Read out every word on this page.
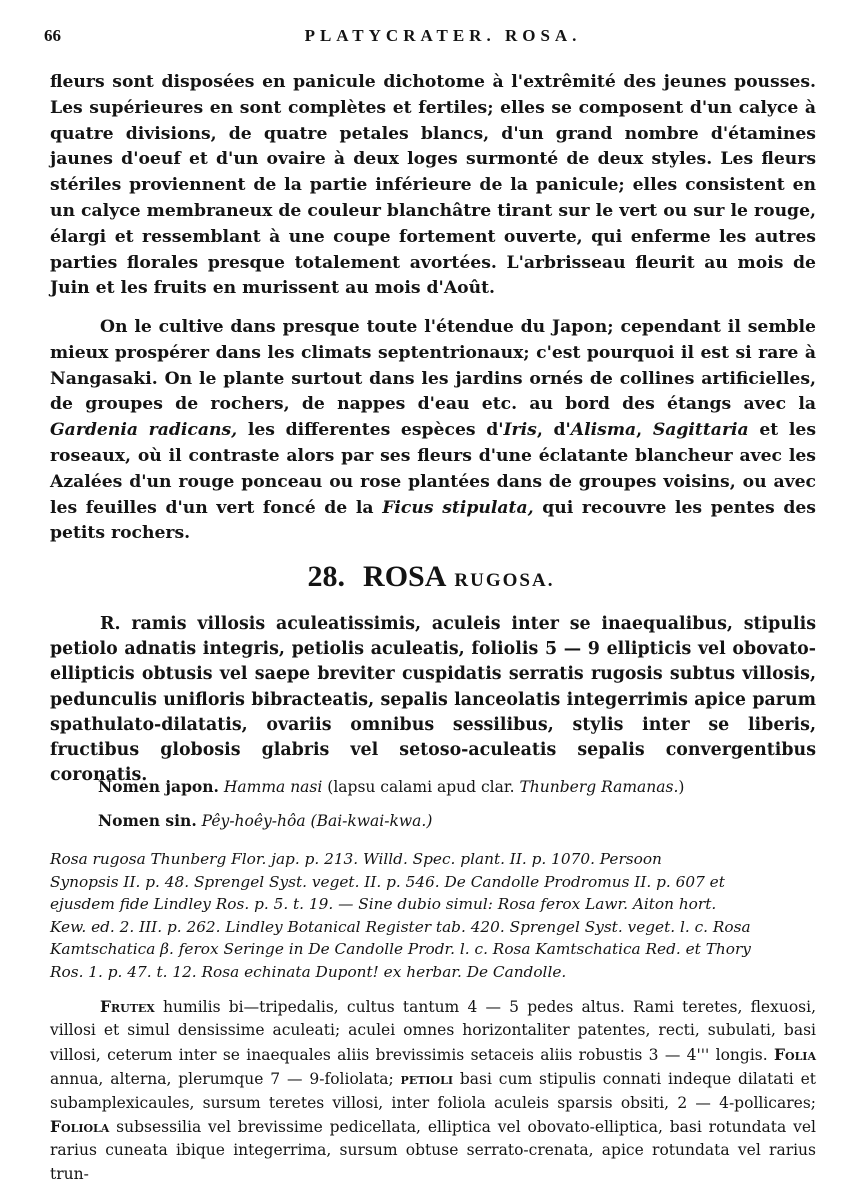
66	PLATYCRATER. ROSA.

fleurs sont disposées en panicule dichotome à l'extrêmité des jeunes pousses. Les supérieures en sont complètes et fertiles; elles se composent d'un calyce à quatre divisions, de quatre petales blancs, d'un grand nombre d'étamines jaunes d'oeuf et d'un ovaire à deux loges surmonté de deux styles. Les fleurs stériles proviennent de la partie inférieure de la panicule; elles consistent en un calyce membraneux de couleur blanchâtre tirant sur le vert ou sur le rouge, élargi et ressemblant à une coupe fortement ouverte, qui enferme les autres parties florales presque totalement avortées. L'arbrisseau fleurit au mois de Juin et les fruits en murissent au mois d'Août.

On le cultive dans presque toute l'étendue du Japon; cependant il semble mieux prospérer dans les climats septentrionaux; c'est pourquoi il est si rare à Nangasaki. On le plante surtout dans les jardins ornés de collines artificielles, de groupes de rochers, de nappes d'eau etc. au bord des étangs avec la Gardenia radicans, les differentes espèces d'Iris, d'Alisma, Sagittaria et les roseaux, où il contraste alors par ses fleurs d'une éclatante blancheur avec les Azalées d'un rouge ponceau ou rose plantées dans de groupes voisins, ou avec les feuilles d'un vert foncé de la Ficus stipulata, qui recouvre les pentes des petits rochers.

28. ROSA RUGOSA.

R. ramis villosis aculeatissimis, aculeis inter se inaequalibus, stipulis petiolo adnatis integris, petiolis aculeatis, foliolis 5 — 9 ellipticis vel obovato-ellipticis obtusis vel saepe breviter cuspidatis serratis rugosis subtus villosis, pedunculis unifloris bibracteatis, sepalis lanceolatis integerrimis apice parum spathulato-dilatatis, ovariis omnibus sessilibus, stylis inter se liberis, fructibus globosis glabris vel setoso-aculeatis sepalis convergentibus coronatis.

Nomen japon. Hamma nasi (lapsu calami apud clar. Thunberg Ramanas.)
Nomen sin. Pêy-hoêy-hôa (Bai-kwai-kwa.)
Rosa rugosa Thunberg Flor. jap. p. 213. Willd. Spec. plant. II. p. 1070. Persoon
Synopsis II. p. 48. Sprengel Syst. veget. II. p. 546. De Candolle Prodromus II. p. 607 et
ejusdem fide Lindley Ros. p. 5. t. 19. — Sine dubio simul: Rosa ferox Lawr. Aiton hort.
Kew. ed. 2. III. p. 262. Lindley Botanical Register tab. 420. Sprengel Syst. veget. l. c. Rosa
Kamtschatica β. ferox Seringe in De Candolle Prodr. l. c. Rosa Kamtschatica Red. et Thory
Ros. 1. p. 47. t. 12. Rosa echinata Dupont! ex herbar. De Candolle.

Frutex humilis bi—tripedalis, cultus tantum 4 — 5 pedes altus. Rami teretes, flexuosi, villosi et simul densissime aculeati; aculei omnes horizontaliter patentes, recti, subulati, basi villosi, ceterum inter se inaequales aliis brevissimis setaceis aliis robustis 3 — 4''' longis. Folia annua, alterna, plerumque 7 — 9-foliolata; petioli basi cum stipulis connati indeque dilatati et subamplexicaules, sursum teretes villosi, inter foliola aculeis sparsis obsiti, 2 — 4-pollicares; Foliola subsessilia vel brevissime pedicellata, elliptica vel obovato-elliptica, basi rotundata vel rarius cuneata ibique integerrima, sursum obtuse serrato-crenata, apice rotundata vel rarius trun-
